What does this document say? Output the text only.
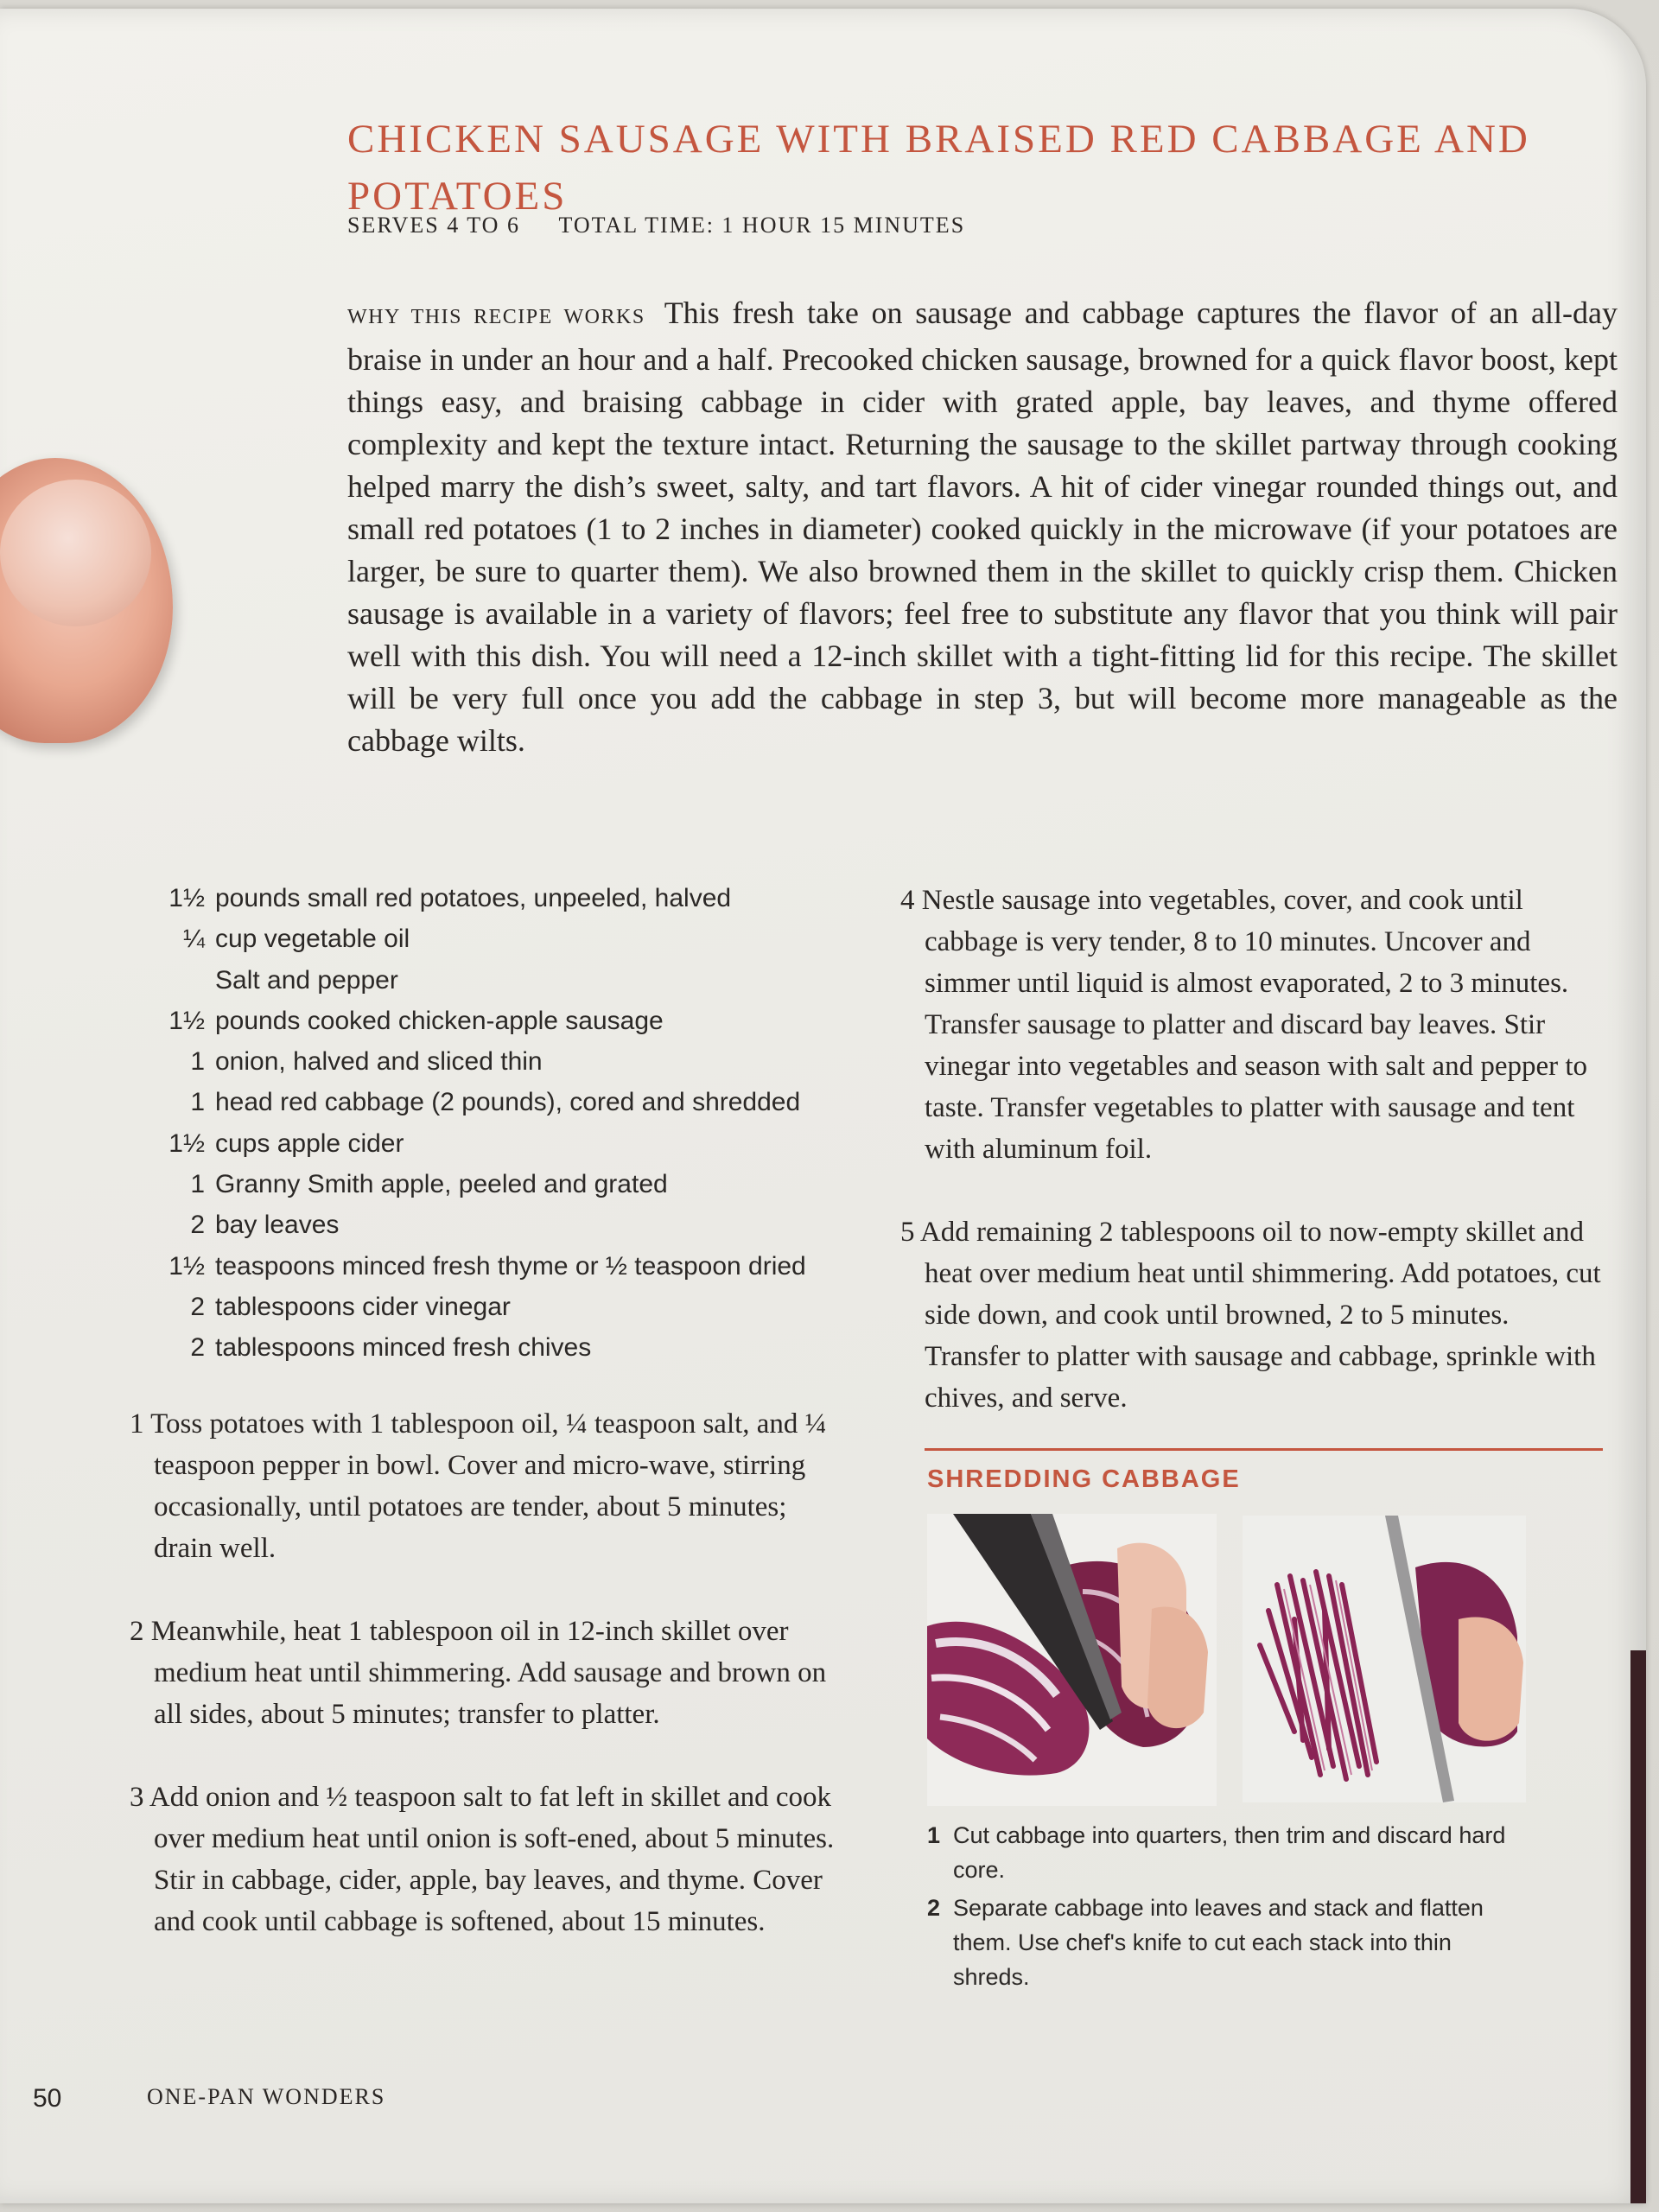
CHICKEN SAUSAGE WITH BRAISED RED CABBAGE AND POTATOES
SERVES 4 TO 6 TOTAL TIME: 1 HOUR 15 MINUTES

WHY THIS RECIPE WORKS This fresh take on sausage and cabbage captures the flavor of an all-day braise in under an hour and a half. Precooked chicken sausage, browned for a quick flavor boost, kept things easy, and braising cabbage in cider with grated apple, bay leaves, and thyme offered complexity and kept the texture intact. Returning the sausage to the skillet partway through cooking helped marry the dish’s sweet, salty, and tart flavors. A hit of cider vinegar rounded things out, and small red potatoes (1 to 2 inches in diameter) cooked quickly in the microwave (if your potatoes are larger, be sure to quarter them). We also browned them in the skillet to quickly crisp them. Chicken sausage is available in a variety of flavors; feel free to substitute any flavor that you think will pair well with this dish. You will need a 12-inch skillet with a tight-fitting lid for this recipe. The skillet will be very full once you add the cabbage in step 3, but will become more manageable as the cabbage wilts.

1½ pounds small red potatoes, unpeeled, halved
¼ cup vegetable oil
Salt and pepper
1½ pounds cooked chicken-apple sausage
1 onion, halved and sliced thin
1 head red cabbage (2 pounds), cored and shredded
1½ cups apple cider
1 Granny Smith apple, peeled and grated
2 bay leaves
1½ teaspoons minced fresh thyme or ½ teaspoon dried
2 tablespoons cider vinegar
2 tablespoons minced fresh chives
1 Toss potatoes with 1 tablespoon oil, ¼ teaspoon salt, and ¼ teaspoon pepper in bowl. Cover and micro-wave, stirring occasionally, until potatoes are tender, about 5 minutes; drain well.
2 Meanwhile, heat 1 tablespoon oil in 12-inch skillet over medium heat until shimmering. Add sausage and brown on all sides, about 5 minutes; transfer to platter.
3 Add onion and ½ teaspoon salt to fat left in skillet and cook over medium heat until onion is soft-ened, about 5 minutes. Stir in cabbage, cider, apple, bay leaves, and thyme. Cover and cook until cabbage is softened, about 15 minutes.
4 Nestle sausage into vegetables, cover, and cook until cabbage is very tender, 8 to 10 minutes. Uncover and simmer until liquid is almost evaporated, 2 to 3 minutes. Transfer sausage to platter and discard bay leaves. Stir vinegar into vegetables and season with salt and pepper to taste. Transfer vegetables to platter with sausage and tent with aluminum foil.
5 Add remaining 2 tablespoons oil to now-empty skillet and heat over medium heat until shimmering. Add potatoes, cut side down, and cook until browned, 2 to 5 minutes. Transfer to platter with sausage and cabbage, sprinkle with chives, and serve.
SHREDDING CABBAGE
1 Cut cabbage into quarters, then trim and discard hard core.
2 Separate cabbage into leaves and stack and flatten them. Use chef's knife to cut each stack into thin shreds.
50	ONE-PAN WONDERS
